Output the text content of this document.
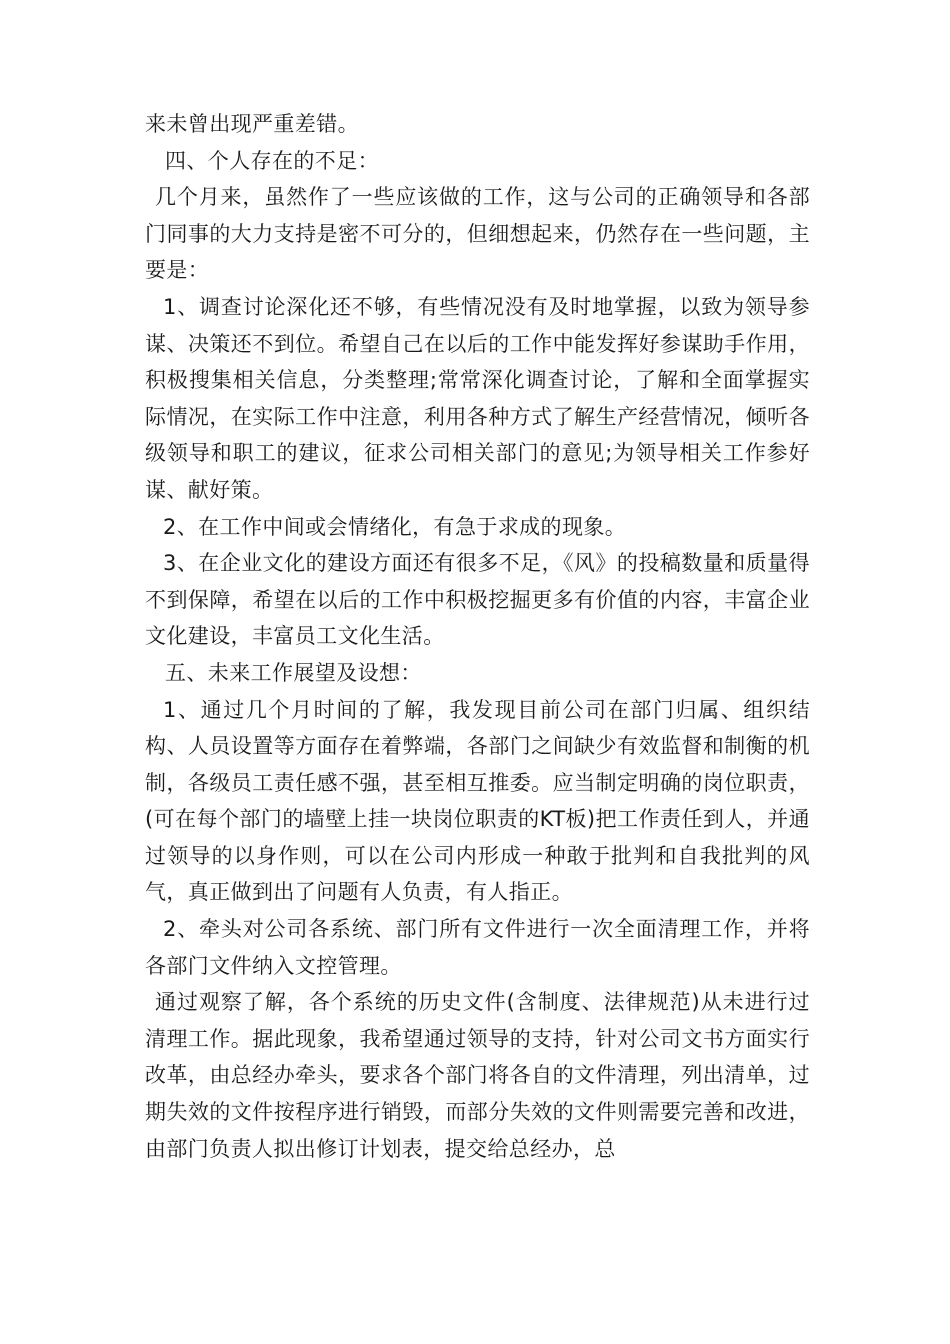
来未曾出现严重差错。

四、个人存在的不足：

几个月来，虽然作了一些应该做的工作，这与公司的正确领导和各部门同事的大力支持是密不可分的，但细想起来，仍然存在一些问题，主要是：

1、调查讨论深化还不够，有些情况没有及时地掌握，以致为领导参谋、决策还不到位。希望自己在以后的工作中能发挥好参谋助手作用，积极搜集相关信息，分类整理;常常深化调查讨论，了解和全面掌握实际情况，在实际工作中注意，利用各种方式了解生产经营情况，倾听各级领导和职工的建议，征求公司相关部门的意见;为领导相关工作参好谋、献好策。

2、在工作中间或会情绪化，有急于求成的现象。

3、在企业文化的建设方面还有很多不足，《风》的投稿数量和质量得不到保障，希望在以后的工作中积极挖掘更多有价值的内容，丰富企业文化建设，丰富员工文化生活。

五、未来工作展望及设想：

1、通过几个月时间的了解，我发现目前公司在部门归属、组织结构、人员设置等方面存在着弊端，各部门之间缺少有效监督和制衡的机制，各级员工责任感不强，甚至相互推委。应当制定明确的岗位职责，(可在每个部门的墙壁上挂一块岗位职责的KT板)把工作责任到人，并通过领导的以身作则，可以在公司内形成一种敢于批判和自我批判的风气，真正做到出了问题有人负责，有人指正。

2、牵头对公司各系统、部门所有文件进行一次全面清理工作，并将各部门文件纳入文控管理。

通过观察了解，各个系统的历史文件(含制度、法律规范)从未进行过清理工作。据此现象，我希望通过领导的支持，针对公司文书方面实行改革，由总经办牵头，要求各个部门将各自的文件清理，列出清单，过期失效的文件按程序进行销毁，而部分失效的文件则需要完善和改进，由部门负责人拟出修订计划表，提交给总经办，总
